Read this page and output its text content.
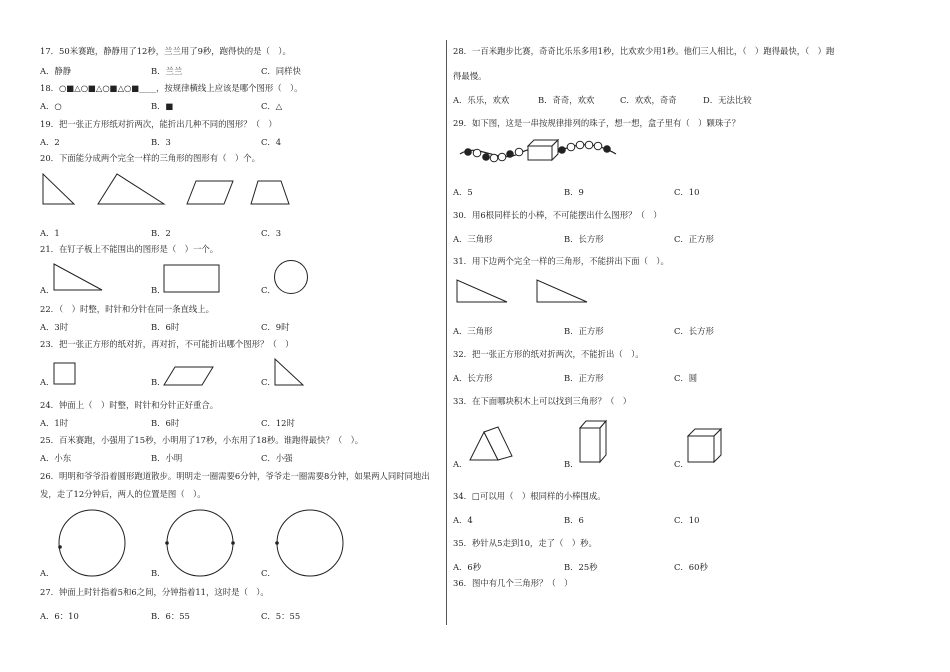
17．50米赛跑，静静用了12秒，兰兰用了9秒，跑得快的是（　）。
A．静静	B．兰兰	C．同样快
18．○■△○■△○■△○■____，按规律横线上应该是哪个图形（　）。
A．○	B．■	C．△
19．把一张正方形纸对折两次，能折出几种不同的图形？（　）
A．2	B．3	C．4
20．下面能分成两个完全一样的三角形的图形有（　）个。
A．1	B．2	C．3
21．在钉子板上不能围出的图形是（　）一个。
A．	B．	C．
22．（　）时整，时针和分针在同一条直线上。
A．3时	B．6时	C．9时
23．把一张正方形的纸对折，再对折，不可能折出哪个图形？（　）
A．	B．	C．
24．钟面上（　）时整，时针和分针正好重合。
A．1时	B．6时	C．12时
25．百米赛跑，小强用了15秒，小明用了17秒，小东用了18秒。谁跑得最快？（　）。
A．小东	B．小明	C．小强
26．明明和爷爷沿着圆形跑道散步。明明走一圈需要6分钟，爷爷走一圈需要8分钟，如果两人同时同地出
发，走了12分钟后，两人的位置是图（　）。
A．	B．	C．
27．钟面上时针指着5和6之间，分钟指着11，这时是（　）。
A．6：10	B．6：55	C．5：55
28．一百米跑步比赛，奇奇比乐乐多用1秒，比欢欢少用1秒。他们三人相比，（　）跑得最快，（　）跑
得最慢。
A．乐乐，欢欢	B．奇奇，欢欢	C．欢欢，奇奇	D．无法比较
29．如下图，这是一串按规律排列的珠子，想一想，盒子里有（　）颗珠子？
A．5	B．9	C．10
30．用6根同样长的小棒，不可能摆出什么图形？（　）
A．三角形	B．长方形	C．正方形
31．用下边两个完全一样的三角形，不能拼出下面（　）。
A．三角形	B．正方形	C．长方形
32．把一张正方形的纸对折两次，不能折出（　）。
A．长方形	B．正方形	C．圆
33．在下面哪块积木上可以找到三角形？（　）
A．	B．	C．
34．□可以用（　）根同样的小棒围成。
A．4	B．6	C．10
35．秒针从5走到10，走了（　）秒。
A．6秒	B．25秒	C．60秒
36．图中有几个三角形？（　）
